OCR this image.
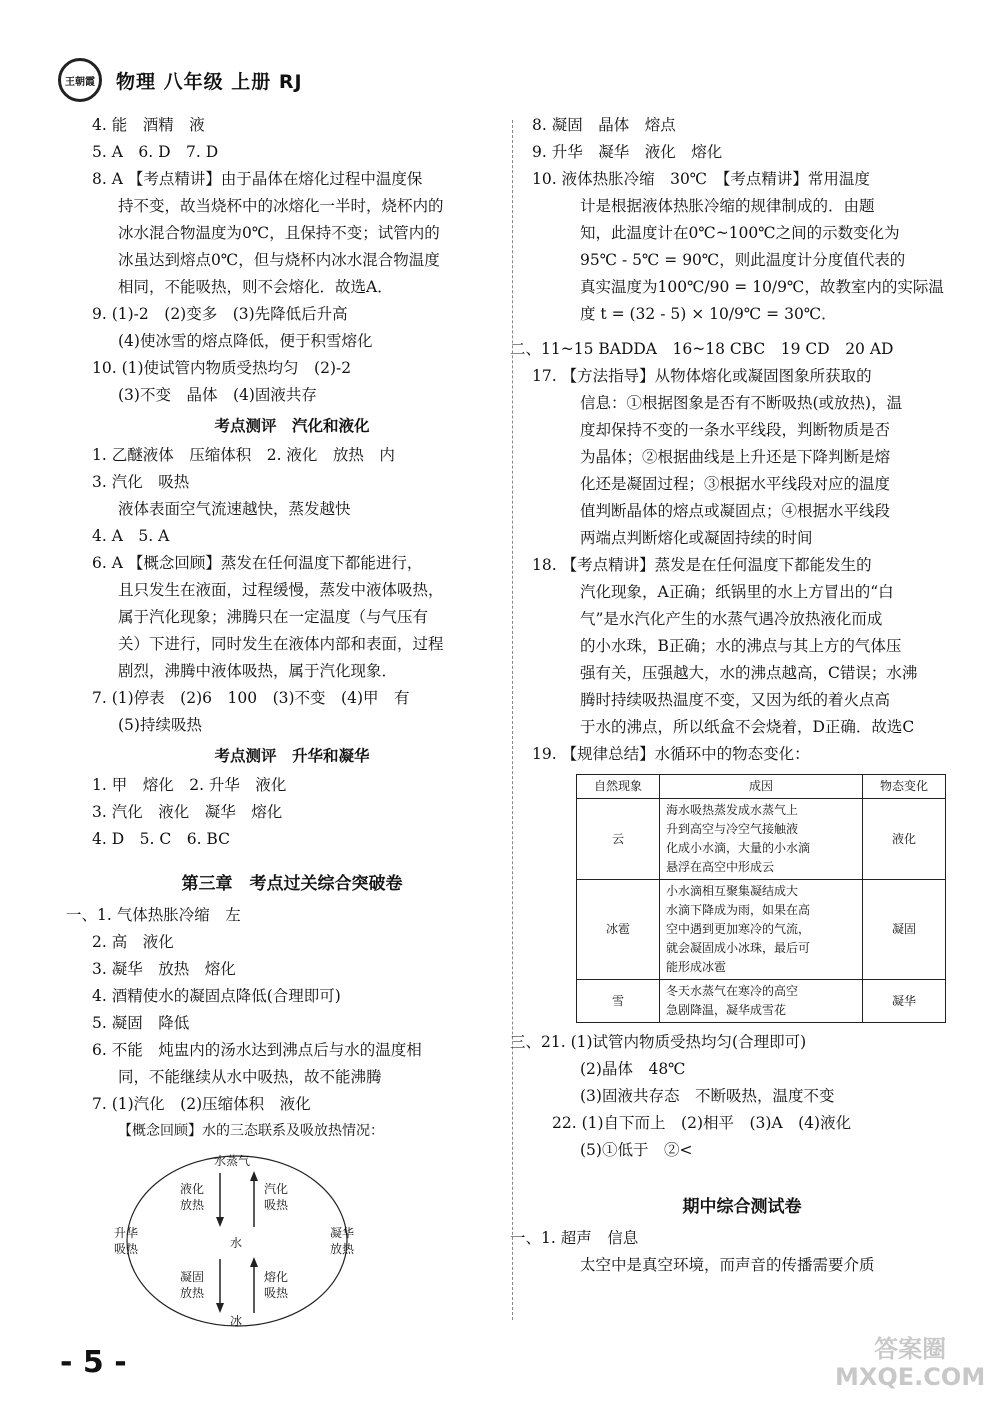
王朝霞 物理 八年级 上册 RJ
4. 能　酒精　液
5. A　6. D　7. D
8. A 【考点精讲】由于晶体在熔化过程中温度保
持不变，故当烧杯中的冰熔化一半时，烧杯内的
冰水混合物温度为0℃，且保持不变；试管内的
冰虽达到熔点0℃，但与烧杯内冰水混合物温度
相同，不能吸热，则不会熔化．故选A．
9. (1)-2　(2)变多　(3)先降低后升高
(4)使冰雪的熔点降低，便于积雪熔化
10. (1)使试管内物质受热均匀　(2)-2
(3)不变　晶体　(4)固液共存
考点测评　汽化和液化
1. 乙醚液体　压缩体积　2. 液化　放热　内
3. 汽化　吸热
液体表面空气流速越快，蒸发越快
4. A　5. A
6. A 【概念回顾】蒸发在任何温度下都能进行，
且只发生在液面，过程缓慢，蒸发中液体吸热，
属于汽化现象；沸腾只在一定温度（与气压有
关）下进行，同时发生在液体内部和表面，过程
剧烈，沸腾中液体吸热，属于汽化现象．
7. (1)停表　(2)6　100　(3)不变　(4)甲　有
(5)持续吸热
考点测评　升华和凝华
1. 甲　熔化　2. 升华　液化
3. 汽化　液化　凝华　熔化
4. D　5. C　6. BC
第三章　考点过关综合突破卷
一、1. 气体热胀冷缩　左
2. 高　液化
3. 凝华　放热　熔化
4. 酒精使水的凝固点降低(合理即可)
5. 凝固　降低
6. 不能　炖盅内的汤水达到沸点后与水的温度相
同，不能继续从水中吸热，故不能沸腾
7. (1)汽化　(2)压缩体积　液化
【概念回顾】水的三态联系及吸放热情况：
水蒸气
水
冰
液化
放热
汽化
吸热
升华
吸热
凝华
放热
凝固
放热
熔化
吸热
8. 凝固　晶体　熔点
9. 升华　凝华　液化　熔化
10. 液体热胀冷缩　30℃　【考点精讲】常用温度
计是根据液体热胀冷缩的规律制成的．由题
知，此温度计在0℃~100℃之间的示数变化为
95℃ - 5℃ = 90℃，则此温度计分度值代表的
真实温度为100℃/90 = 10/9℃，故教室内的实际温
度 t = (32 - 5) × 10/9℃ = 30℃．
二、11~15 BADDA　16~18 CBC　19 CD　20 AD
17. 【方法指导】从物体熔化或凝固图象所获取的
信息：①根据图象是否有不断吸热(或放热)，温
度却保持不变的一条水平线段，判断物质是否
为晶体；②根据曲线是上升还是下降判断是熔
化还是凝固过程；③根据水平线段对应的温度
值判断晶体的熔点或凝固点；④根据水平线段
两端点判断熔化或凝固持续的时间
18. 【考点精讲】蒸发是在任何温度下都能发生的
汽化现象，A正确；纸锅里的水上方冒出的“白
气”是水汽化产生的水蒸气遇冷放热液化而成
的小水珠，B正确；水的沸点与其上方的气体压
强有关，压强越大，水的沸点越高，C错误；水沸
腾时持续吸热温度不变，又因为纸的着火点高
于水的沸点，所以纸盒不会烧着，D正确．故选C
19. 【规律总结】水循环中的物态变化：
自然现象	成因	物态变化
云	海水吸热蒸发成水蒸气上
升到高空与冷空气接触液
化成小水滴，大量的小水滴
悬浮在高空中形成云	液化
冰雹	小水滴相互聚集凝结成大
水滴下降成为雨，如果在高
空中遇到更加寒冷的气流，
就会凝固成小冰珠，最后可
能形成冰雹	凝固
雪	冬天水蒸气在寒冷的高空
急剧降温，凝华成雪花	凝华
三、21. (1)试管内物质受热均匀(合理即可)
(2)晶体　48℃
(3)固液共存态　不断吸热，温度不变
22. (1)自下而上　(2)相平　(3)A　(4)液化
(5)①低于　②<
期中综合测试卷
一、1. 超声　信息
太空中是真空环境，而声音的传播需要介质
- 5 -	答案圈
MXQE.COM
